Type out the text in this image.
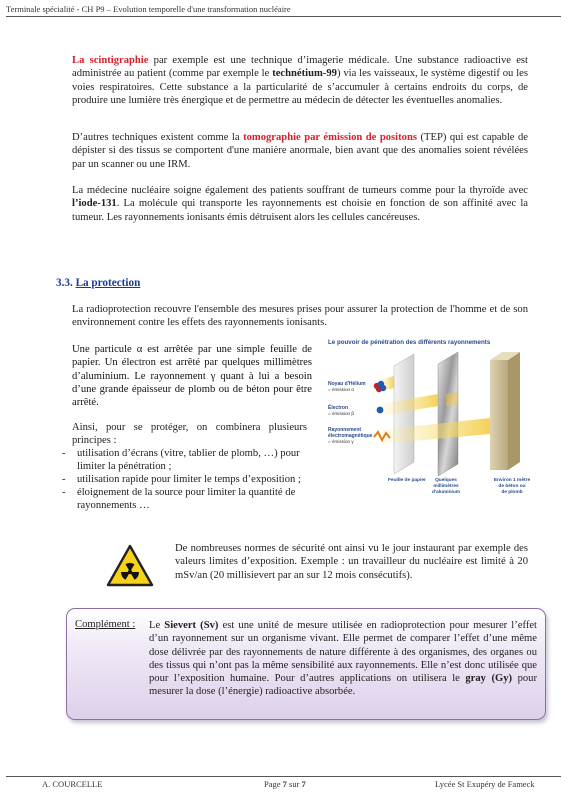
Terminale spécialité - CH P9 – Evolution temporelle d'une transformation nucléaire
La scintigraphie par exemple est une technique d’imagerie médicale. Une substance radioactive est administrée au patient (comme par exemple le technétium-99) via les vaisseaux, le système digestif ou les voies respiratoires. Cette substance a la particularité de s’accumuler à certains endroits du corps, de produire une lumière très énergique et de permettre au médecin de détecter les éventuelles anomalies.
D’autres techniques existent comme la tomographie par émission de positons (TEP) qui est capable de dépister si des tissus se comportent d'une manière anormale, bien avant que des anomalies soient révélées par un scanner ou une IRM.
La médecine nucléaire soigne également des patients souffrant de tumeurs comme pour la thyroïde avec l’iode-131. La molécule qui transporte les rayonnements est choisie en fonction de son affinité avec la tumeur. Les rayonnements ionisants émis détruisent alors les cellules cancéreuses.
3.3. La protection
La radioprotection recouvre l'ensemble des mesures prises pour assurer la protection de l'homme et de son environnement contre les effets des rayonnements ionisants.
Une particule α est arrêtée par une simple feuille de papier. Un électron est arrêté par quelques millimètres d’aluminium. Le rayonnement γ quant à lui a besoin d’une grande épaisseur de plomb ou de béton pour être arrêté.
Ainsi, pour se protéger, on combinera plusieurs principes :
- utilisation d’écrans (vitre, tablier de plomb, …) pour limiter la pénétration ;
- utilisation rapide pour limiter le temps d’exposition ;
- éloignement de la source pour limiter la quantité de rayonnements …
Le pouvoir de pénétration des différents rayonnements
Noyau d'Hélium
= émission α
Électron
= émission β
Rayonnement
électromagnétique
= émission γ
Feuille de papier Quelques
millimètres
d'aluminium
Environ 1 mètre
de béton ou
de plomb
De nombreuses normes de sécurité ont ainsi vu le jour instaurant par exemple des valeurs limites d’exposition. Exemple : un travailleur du nucléaire est limité à 20 mSv/an (20 millisievert par an sur 12 mois consécutifs).
Complément : Le Sievert (Sv) est une unité de mesure utilisée en radioprotection pour mesurer l’effet d’un rayonnement sur un organisme vivant. Elle permet de comparer l’effet d’une même dose délivrée par des rayonnements de nature différente à des organismes, des organes ou des tissus qui n’ont pas la même sensibilité aux rayonnements. Elle n’est donc utilisée que pour l’exposition humaine. Pour d’autres applications on utilisera le gray (Gy) pour mesurer la dose (l’énergie) radioactive absorbée.
A. COURCELLE	Page 7 sur 7	Lycée St Exupéry de Fameck
